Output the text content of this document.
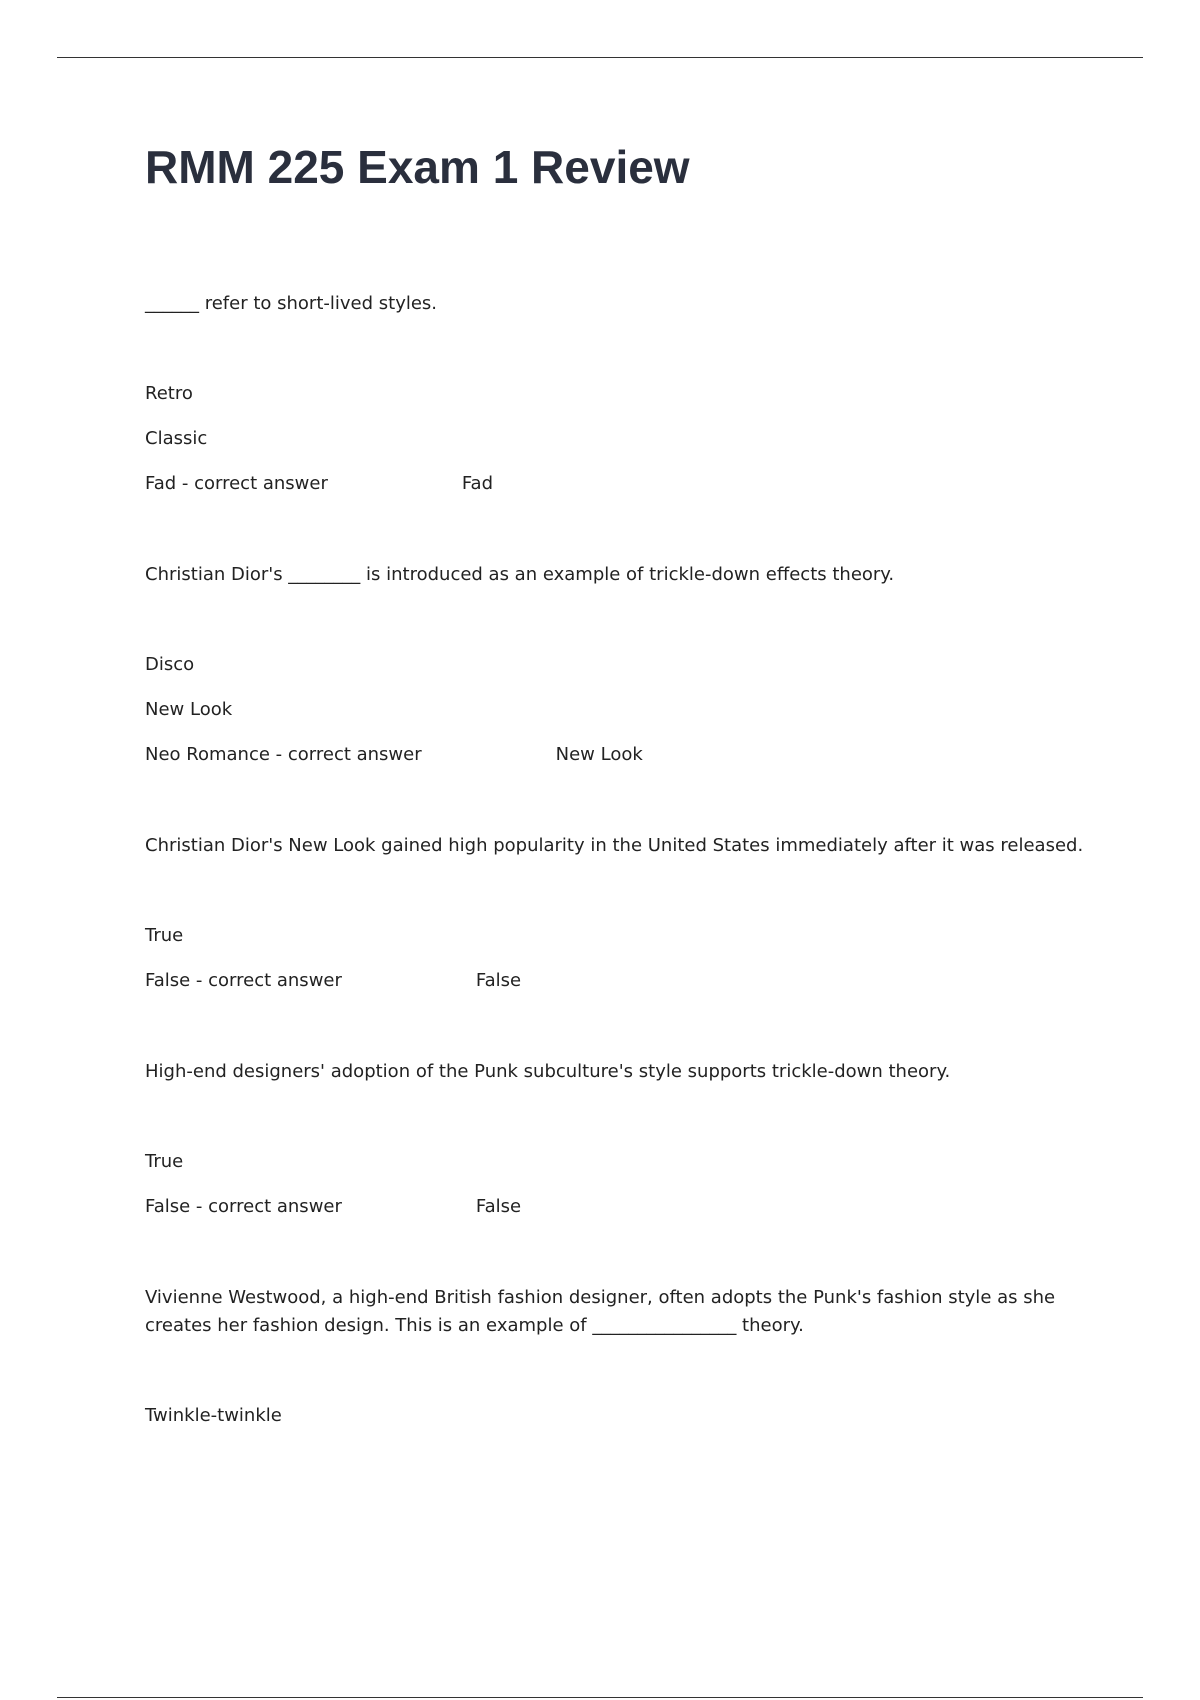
RMM 225 Exam 1 Review

______ refer to short-lived styles.

Retro

Classic

Fad - correct answer	Fad

Christian Dior's ________ is introduced as an example of trickle-down effects theory.

Disco

New Look

Neo Romance - correct answer	New Look

Christian Dior's New Look gained high popularity in the United States immediately after it was released.

True

False - correct answer	False

High-end designers' adoption of the Punk subculture's style supports trickle-down theory.

True

False - correct answer	False

Vivienne Westwood, a high-end British fashion designer, often adopts the Punk's fashion style as she creates her fashion design. This is an example of ________________ theory.

Twinkle-twinkle
